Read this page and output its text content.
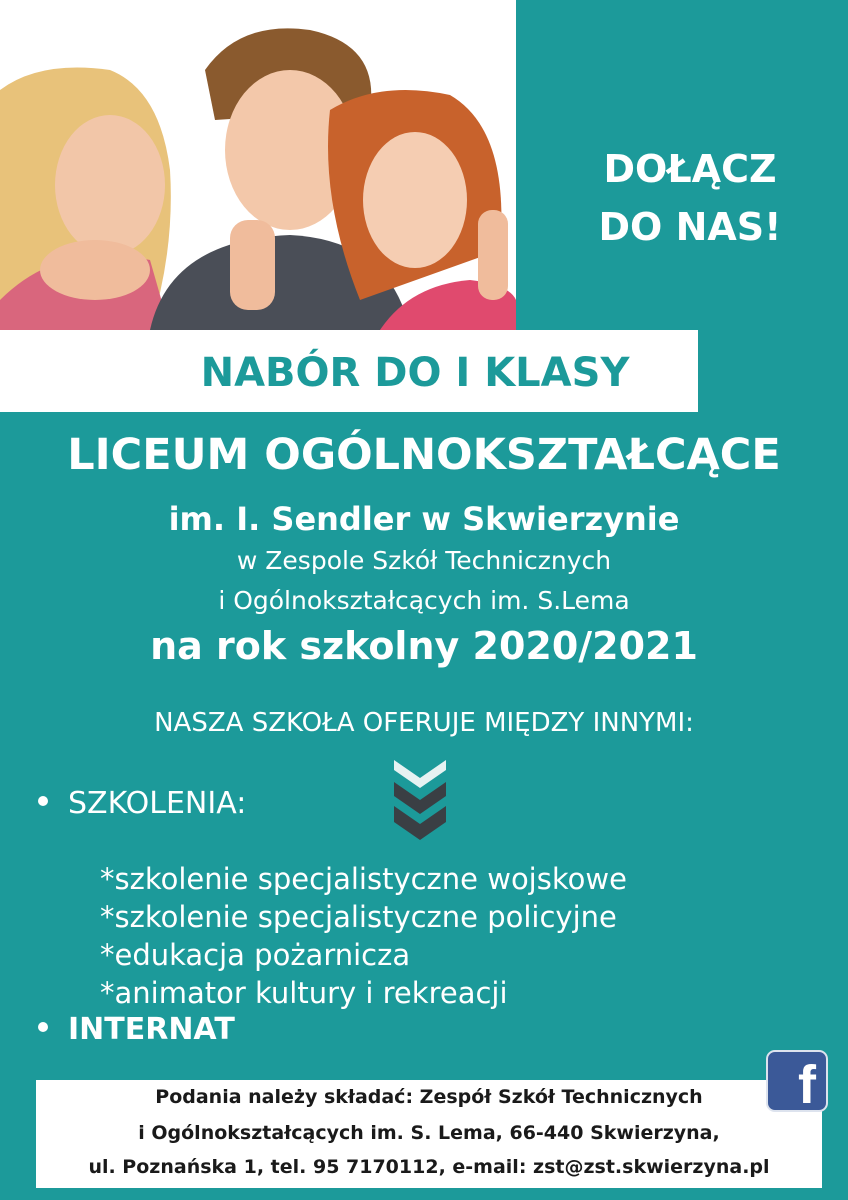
DOŁĄCZ
DO NAS!
NABÓR DO I KLASY
LICEUM OGÓLNOKSZTAŁCĄCE
im. I. Sendler w Skwierzynie
w Zespole Szkół Technicznych
i Ogólnokształcących im. S.Lema
na rok szkolny 2020/2021
NASZA SZKOŁA OFERUJE MIĘDZY INNYMI:
SZKOLENIA:
*szkolenie specjalistyczne wojskowe
*szkolenie specjalistyczne policyjne
*edukacja pożarnicza
*animator kultury i rekreacji
INTERNAT
Podania należy składać: Zespół Szkół Technicznych
i Ogólnokształcących im. S. Lema, 66-440 Skwierzyna,
ul. Poznańska 1, tel. 95 7170112, e-mail: zst@zst.skwierzyna.pl
f
